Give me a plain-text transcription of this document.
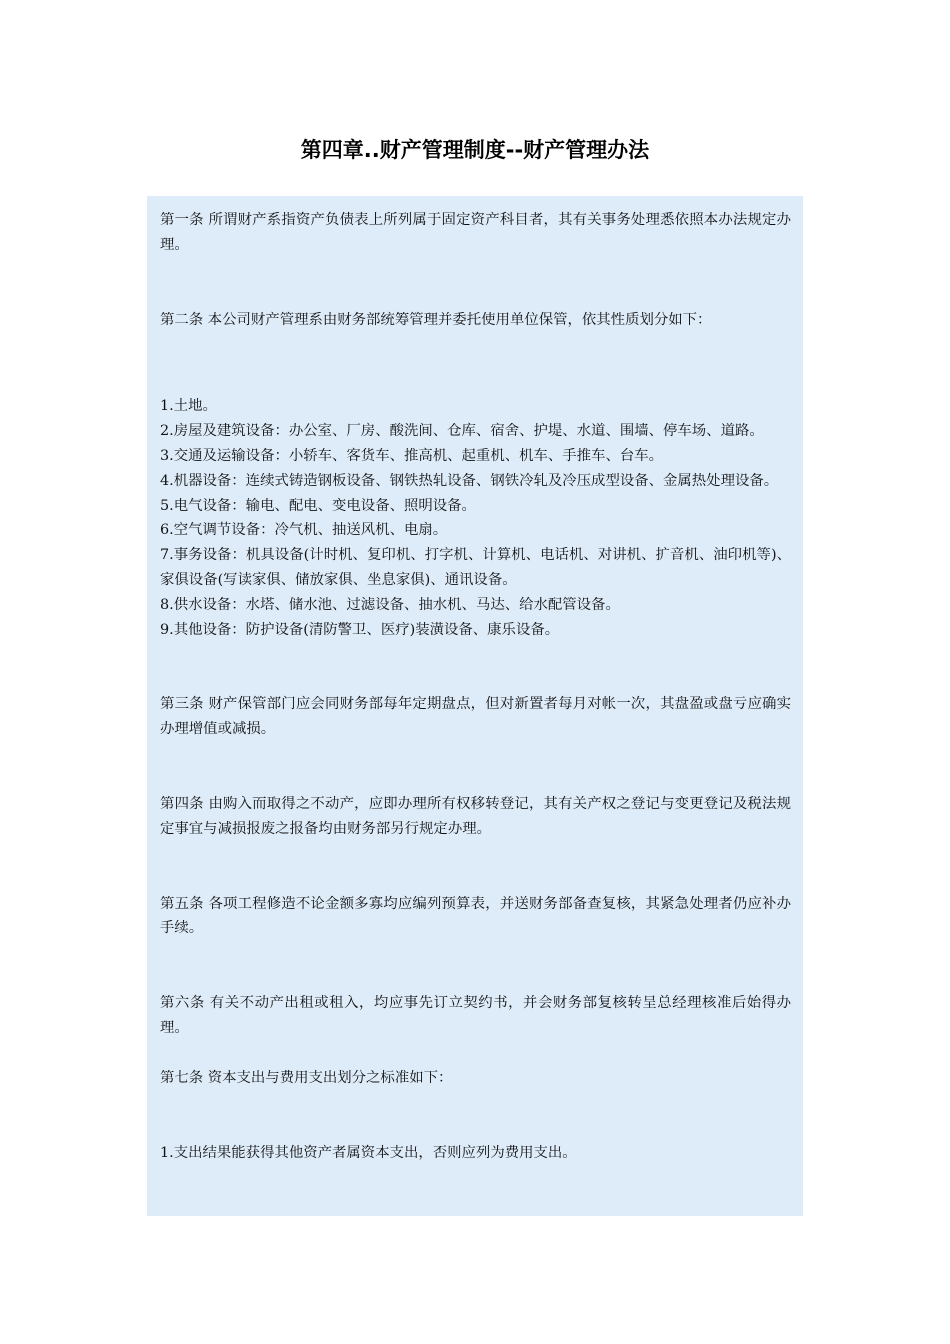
第四章..财产管理制度--财产管理办法

第一条 所谓财产系指资产负债表上所列属于固定资产科目者，其有关事务处理悉依照本办法规定办理。

第二条 本公司财产管理系由财务部统筹管理并委托使用单位保管，依其性质划分如下：

1.土地。

2.房屋及建筑设备：办公室、厂房、酸洗间、仓库、宿舍、护堤、水道、围墙、停车场、道路。

3.交通及运输设备：小轿车、客货车、推高机、起重机、机车、手推车、台车。

4.机器设备：连续式铸造钢板设备、钢铁热轧设备、钢铁冷轧及冷压成型设备、金属热处理设备。

5.电气设备：输电、配电、变电设备、照明设备。

6.空气调节设备：冷气机、抽送风机、电扇。

7.事务设备：机具设备(计时机、复印机、打字机、计算机、电话机、对讲机、扩音机、油印机等)、家俱设备(写读家俱、储放家俱、坐息家俱)、通讯设备。

8.供水设备：水塔、储水池、过滤设备、抽水机、马达、给水配管设备。

9.其他设备：防护设备(清防警卫、医疗)装潢设备、康乐设备。

第三条 财产保管部门应会同财务部每年定期盘点，但对新置者每月对帐一次，其盘盈或盘亏应确实办理增值或减损。

第四条 由购入而取得之不动产，应即办理所有权移转登记，其有关产权之登记与变更登记及税法规定事宜与减损报废之报备均由财务部另行规定办理。

第五条 各项工程修造不论金额多寡均应编列预算表，并送财务部备查复核，其紧急处理者仍应补办手续。

第六条 有关不动产出租或租入，均应事先订立契约书，并会财务部复核转呈总经理核准后始得办理。

第七条 资本支出与费用支出划分之标准如下：

1.支出结果能获得其他资产者属资本支出，否则应列为费用支出。
